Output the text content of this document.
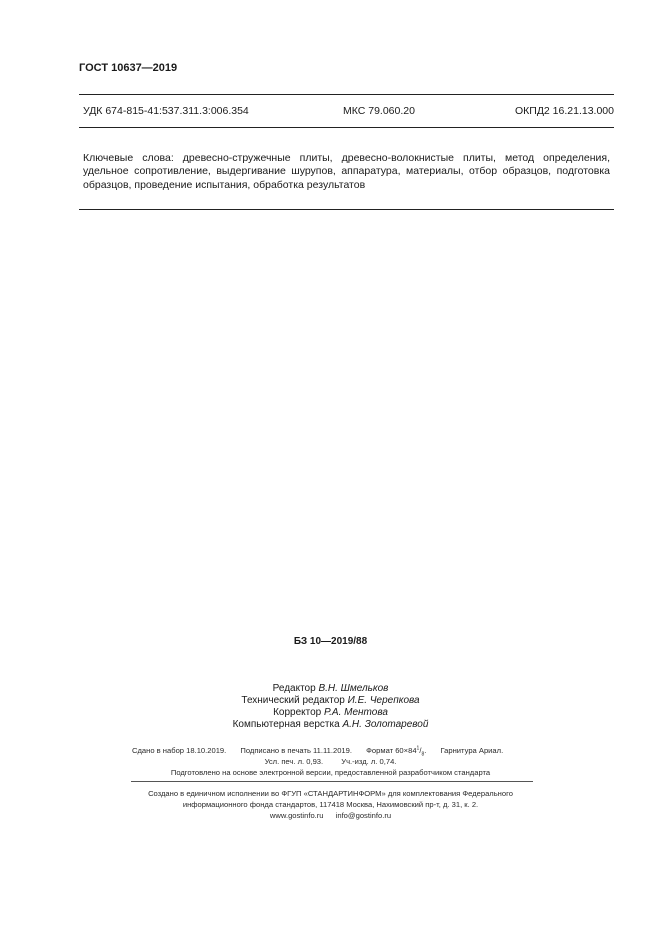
ГОСТ 10637—2019
УДК 674-815-41:537.311.3:006.354	МКС 79.060.20	ОКПД2 16.21.13.000
Ключевые слова: древесно-стружечные плиты, древесно-волокнистые плиты, метод определения, удельное сопротивление, выдергивание шурупов, аппаратура, материалы, отбор образцов, подготовка образцов, проведение испытания, обработка результатов
БЗ 10—2019/88
Редактор В.Н. Шмельков
Технический редактор И.Е. Черепкова
Корректор Р.А. Ментова
Компьютерная верстка А.Н. Золотаревой
Сдано в набор 18.10.2019. Подписано в печать 11.11.2019. Формат $60\times 84^1/_8$. Гарнитура Ариал.
Усл. печ. л. 0,93. Уч.-изд. л. 0,74.
Подготовлено на основе электронной версии, предоставленной разработчиком стандарта
Создано в единичном исполнении во ФГУП «СТАНДАРТИНФОРМ» для комплектования Федерального
информационного фонда стандартов, 117418 Москва, Нахимовский пр-т, д. 31, к. 2.
www.gostinfo.ru info@gostinfo.ru
